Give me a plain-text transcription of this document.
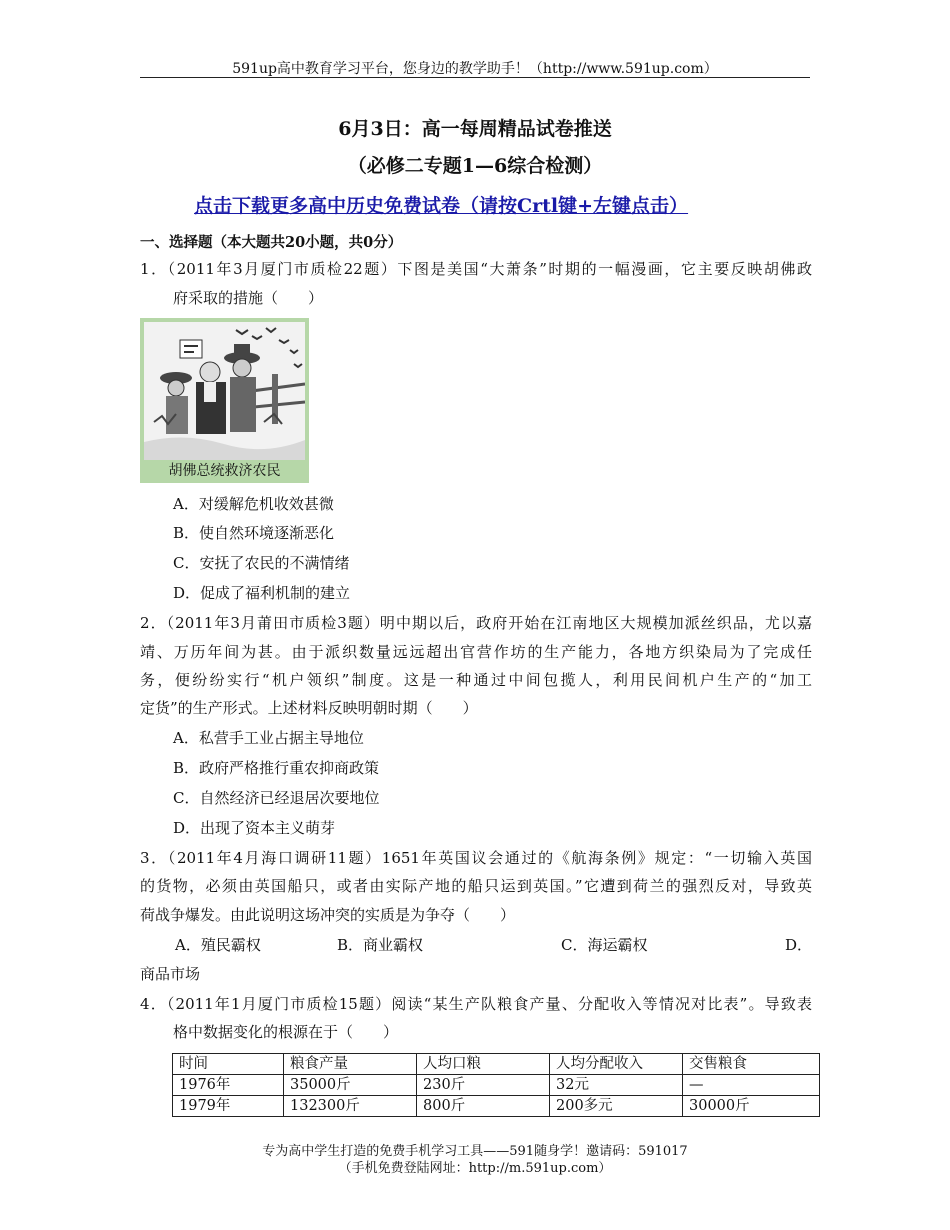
591up高中教育学习平台，您身边的教学助手！（http://www.591up.com）
6月3日：高一每周精品试卷推送
（必修二专题1—6综合检测）
点击下载更多高中历史免费试卷（请按Crtl键+左键点击）
一、选择题（本大题共20小题，共0分）
1．（2011年3月厦门市质检22题）下图是美国“大萧条”时期的一幅漫画，它主要反映胡佛政
府采取的措施（　　）
胡佛总统救济农民
A．对缓解危机收效甚微
B．使自然环境逐渐恶化
C．安抚了农民的不满情绪
D．促成了福利机制的建立
2．（2011年3月莆田市质检3题）明中期以后，政府开始在江南地区大规模加派丝织品，尤以嘉
靖、万历年间为甚。由于派织数量远远超出官营作坊的生产能力，各地方织染局为了完成任
务，便纷纷实行“机户领织”制度。这是一种通过中间包揽人，利用民间机户生产的“加工
定货”的生产形式。上述材料反映明朝时期（　　）
A．私营手工业占据主导地位
B．政府严格推行重农抑商政策
C．自然经济已经退居次要地位
D．出现了资本主义萌芽
3．（2011年4月海口调研11题）1651年英国议会通过的《航海条例》规定：“一切输入英国
的货物，必须由英国船只，或者由实际产地的船只运到英国。”它遭到荷兰的强烈反对，导致英
荷战争爆发。由此说明这场冲突的实质是为争夺（　　）
A．殖民霸权	B．商业霸权	C．海运霸权	D．
商品市场
4．（2011年1月厦门市质检15题）阅读“某生产队粮食产量、分配收入等情况对比表”。导致表
格中数据变化的根源在于（　　）
时间	粮食产量	人均口粮	人均分配收入	交售粮食
1976年	35000斤	230斤	32元	—
1979年	132300斤	800斤	200多元	30000斤
专为高中学生打造的免费手机学习工具——591随身学！邀请码：591017
（手机免费登陆网址：http://m.591up.com）
